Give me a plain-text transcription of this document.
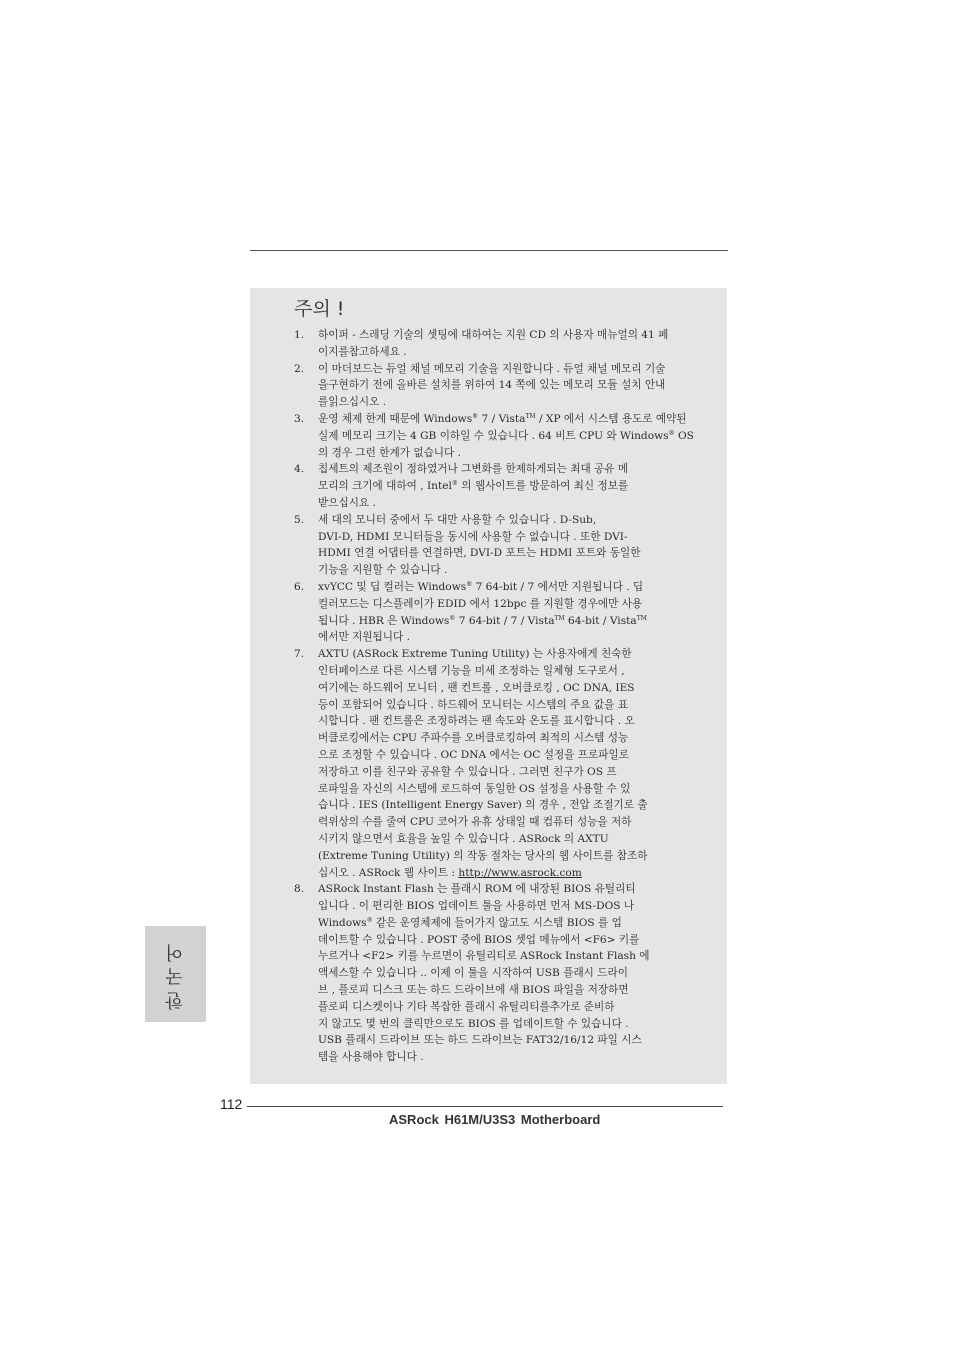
주의 !
1. 하이퍼 - 스레딩 기술의 셋팅에 대하여는 지원 CD 의 사용자 매뉴얼의 41 페
이지를참고하세요 .
2. 이 마더보드는 듀얼 채널 메모리 기술을 지원합니다 . 듀얼 채널 메모리 기술
을구현하기 전에 올바른 설치를 위하여 14 쪽에 있는 메모리 모듈 설치 안내
를읽으십시오 .
3. 운영 체제 한계 때문에 Windows® 7 / Vista™ / XP 에서 시스템 용도로 예약된
실제 메모리 크기는 4 GB 이하일 수 있습니다 . 64 비트 CPU 와 Windows® OS
의 경우 그런 한계가 없습니다 .
4. 칩세트의 제조원이 정하였거나 그변화를 한제하게되는 최대 공유 메
모리의 크기에 대하여 , Intel® 의 웹사이트를 방문하여 최신 정보를
받으십시요 .
5. 세 대의 모니터 중에서 두 대만 사용할 수 있습니다 . D-Sub,
DVI-D, HDMI 모니터들을 동시에 사용할 수 없습니다 . 또한 DVI-
HDMI 연결 어댑터를 연결하면, DVI-D 포트는 HDMI 포트와 동일한
기능을 지원할 수 있습니다 .
6. xvYCC 및 딥 컬러는 Windows® 7 64-bit / 7 에서만 지원됩니다 . 딥
컬러모드는 디스플레이가 EDID 에서 12bpc 를 지원할 경우에만 사용
됩니다 . HBR 은 Windows® 7 64-bit / 7 / Vista™ 64-bit / Vista™
에서만 지원됩니다 .
7. AXTU (ASRock Extreme Tuning Utility) 는 사용자에게 친숙한
인터페이스로 다른 시스템 기능을 미세 조정하는 일체형 도구로서 ,
여기에는 하드웨어 모니터 , 팬 컨트롤 , 오버클로킹 , OC DNA, IES
등이 포함되어 있습니다 . 하드웨어 모니터는 시스템의 주요 값을 표
시합니다 . 팬 컨트롤은 조정하려는 팬 속도와 온도를 표시합니다 . 오
버클로킹에서는 CPU 주파수를 오버클로킹하여 최적의 시스템 성능
으로 조정할 수 있습니다 . OC DNA 에서는 OC 설정을 프로파일로
저장하고 이를 친구와 공유할 수 있습니다 . 그러면 친구가 OS 프
로파일을 자신의 시스템에 로드하여 동일한 OS 설정을 사용할 수 있
습니다 . IES (Intelligent Energy Saver) 의 경우 , 전압 조절기로 출
력위상의 수를 줄여 CPU 코어가 유휴 상태일 때 컴퓨터 성능을 저하
시키지 않으면서 효율을 높일 수 있습니다 . ASRock 의 AXTU
(Extreme Tuning Utility) 의 작동 절차는 당사의 웹 사이트를 참조하
십시오 . ASRock 웹 사이트 : http://www.asrock.com
8. ASRock Instant Flash 는 플래시 ROM 에 내장된 BIOS 유틸리티
입니다 . 이 편리한 BIOS 업데이트 툴을 사용하면 먼저 MS-DOS 나
Windows® 같은 운영체제에 들어가지 않고도 시스템 BIOS 를 업
데이트할 수 있습니다 . POST 중에 BIOS 셋업 메뉴에서 <F6> 키를
누르거나 <F2> 키를 누르면이 유틸리티로 ASRock Instant Flash 에
액세스할 수 있습니다 .. 이제 이 툴을 시작하여 USB 플래시 드라이
브 , 플로피 디스크 또는 하드 드라이브에 새 BIOS 파일을 저장하면
플로피 디스켓이나 기타 복잡한 플래시 유틸리티를추가로 준비하
지 않고도 몇 번의 클릭만으로도 BIOS 를 업데이트할 수 있습니다 .
USB 플래시 드라이브 또는 하드 드라이브는 FAT32/16/12 파일 시스
템을 사용해야 합니다 .
한국어
112
ASRock H61M/U3S3 Motherboard
